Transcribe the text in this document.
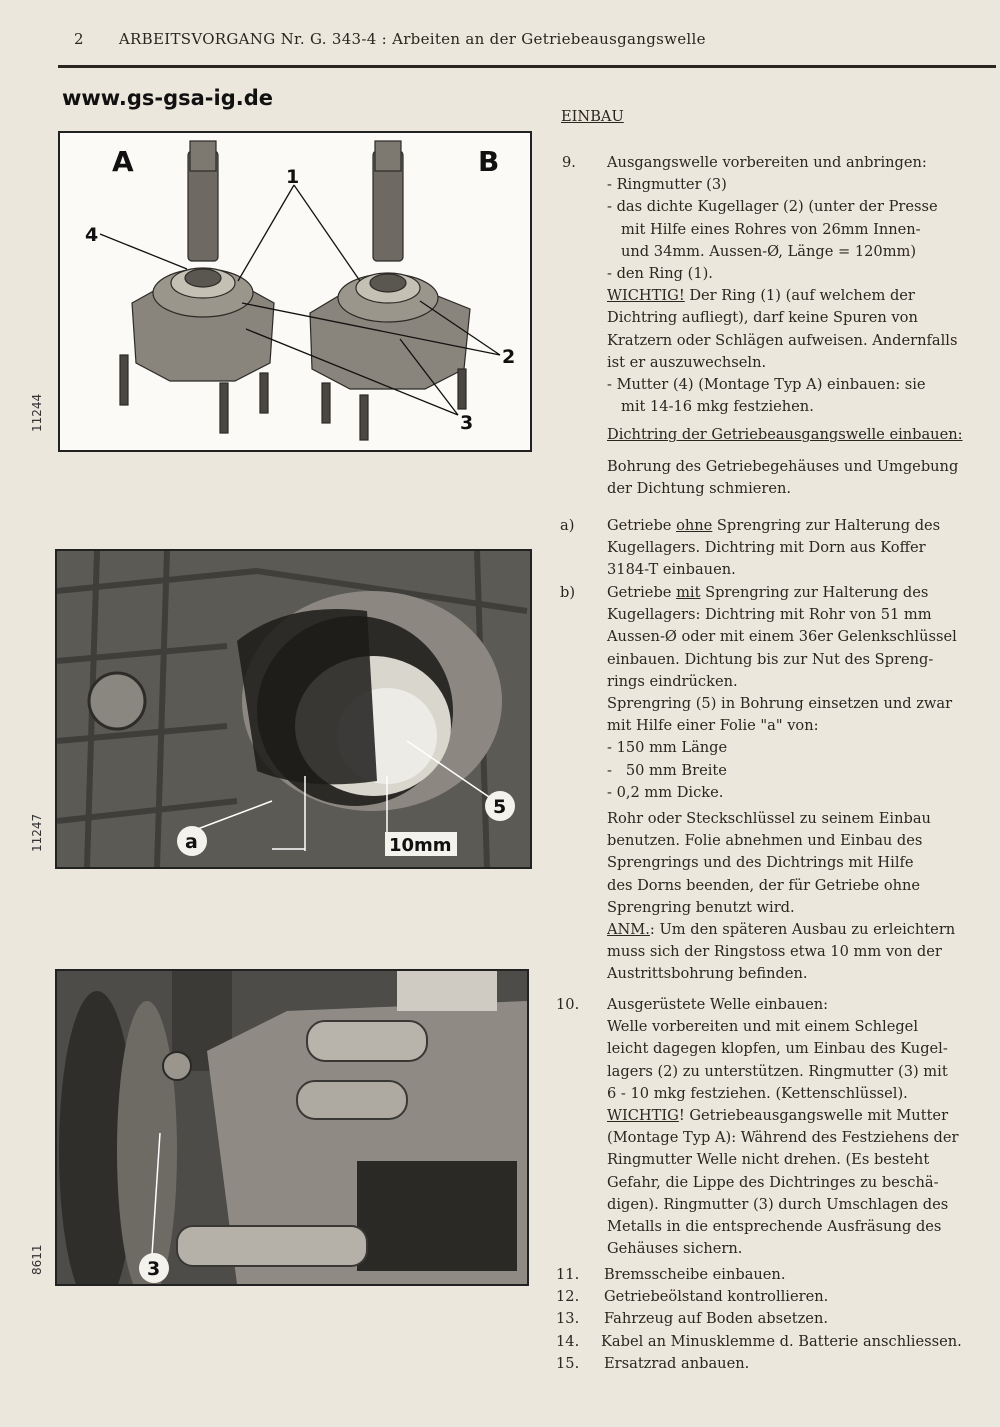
2 ARBEITSVORGANG Nr. G. 343-4 : Arbeiten an der Getriebeausgangswelle
www.gs-gsa-ig.de
A	B
1
2
3
4
11244
10mm
a
5
11247
3
8611
EINBAU
9. Ausgangswelle vorbereiten und anbringen:
- Ringmutter (3)
- das dichte Kugellager (2) (unter der Presse
mit Hilfe eines Rohres von 26mm Innen-
und 34mm. Aussen-Ø, Länge = 120mm)
- den Ring (1).
WICHTIG! Der Ring (1) (auf welchem der
Dichtring aufliegt), darf keine Spuren von
Kratzern oder Schlägen aufweisen. Andernfalls
ist er auszuwechseln.
- Mutter (4) (Montage Typ A) einbauen: sie
mit 14-16 mkg festziehen.
Dichtring der Getriebeausgangswelle einbauen:
Bohrung des Getriebegehäuses und Umgebung
der Dichtung schmieren.
a) Getriebe ohne Sprengring zur Halterung des
Kugellagers. Dichtring mit Dorn aus Koffer
3184-T einbauen.
b) Getriebe mit Sprengring zur Halterung des
Kugellagers: Dichtring mit Rohr von 51 mm
Aussen-Ø oder mit einem 36er Gelenkschlüssel
einbauen. Dichtung bis zur Nut des Spreng-
rings eindrücken.
Sprengring (5) in Bohrung einsetzen und zwar
mit Hilfe einer Folie "a" von:
- 150 mm Länge
-   50 mm Breite
- 0,2 mm Dicke.
Rohr oder Steckschlüssel zu seinem Einbau
benutzen. Folie abnehmen und Einbau des
Sprengrings und des Dichtrings mit Hilfe
des Dorns beenden, der für Getriebe ohne
Sprengring benutzt wird.
ANM.: Um den späteren Ausbau zu erleichtern
muss sich der Ringstoss etwa 10 mm von der
Austrittsbohrung befinden.
10. Ausgerüstete Welle einbauen:
Welle vorbereiten und mit einem Schlegel
leicht dagegen klopfen, um Einbau des Kugel-
lagers (2) zu unterstützen. Ringmutter (3) mit
6 - 10 mkg festziehen. (Kettenschlüssel).
WICHTIG! Getriebeausgangswelle mit Mutter
(Montage Typ A): Während des Festziehens der
Ringmutter Welle nicht drehen. (Es besteht
Gefahr, die Lippe des Dichtringes zu beschä-
digen). Ringmutter (3) durch Umschlagen des
Metalls in die entsprechende Ausfräsung des
Gehäuses sichern.
11. Bremsscheibe einbauen.
12. Getriebeölstand kontrollieren.
13. Fahrzeug auf Boden absetzen.
14. Kabel an Minusklemme d. Batterie anschliessen.
15. Ersatzrad anbauen.
